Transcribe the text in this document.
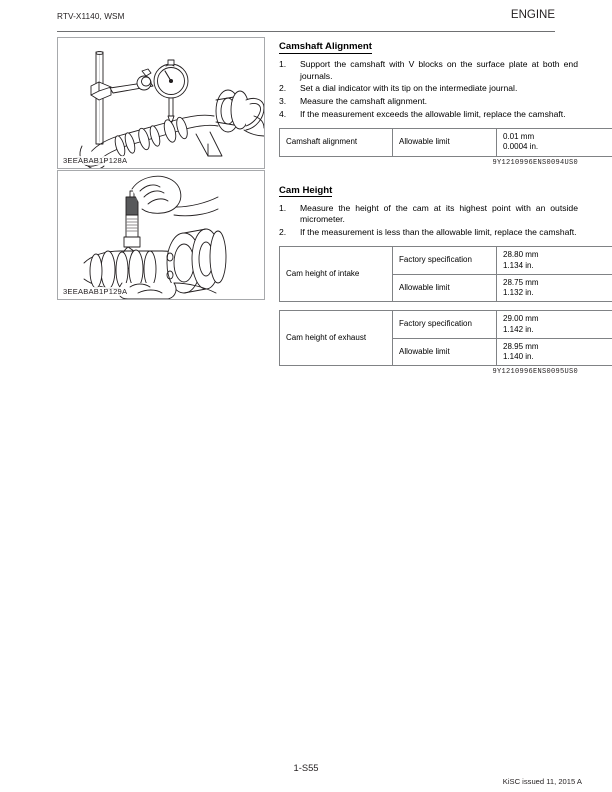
RTV-X1140, WSM	ENGINE
3EEABAB1P128A
3EEABAB1P129A
Camshaft Alignment
1.	Support the camshaft with V blocks on the surface plate at both end journals.
2.	Set a dial indicator with its tip on the intermediate journal.
3.	Measure the camshaft alignment.
4.	If the measurement exceeds the allowable limit, replace the camshaft.
Camshaft alignment	Allowable limit	0.01 mm
0.0004 in.
9Y1210996ENS0094US0
Cam Height
1.	Measure the height of the cam at its highest point with an outside micrometer.
2.	If the measurement is less than the allowable limit, replace the camshaft.
Cam height of intake	Factory specification	28.80 mm
1.134 in.
	Allowable limit	28.75 mm
1.132 in.
Cam height of exhaust	Factory specification	29.00 mm
1.142 in.
	Allowable limit	28.95 mm
1.140 in.
9Y1210996ENS0095US0
1-S55
KiSC issued 11, 2015 A
